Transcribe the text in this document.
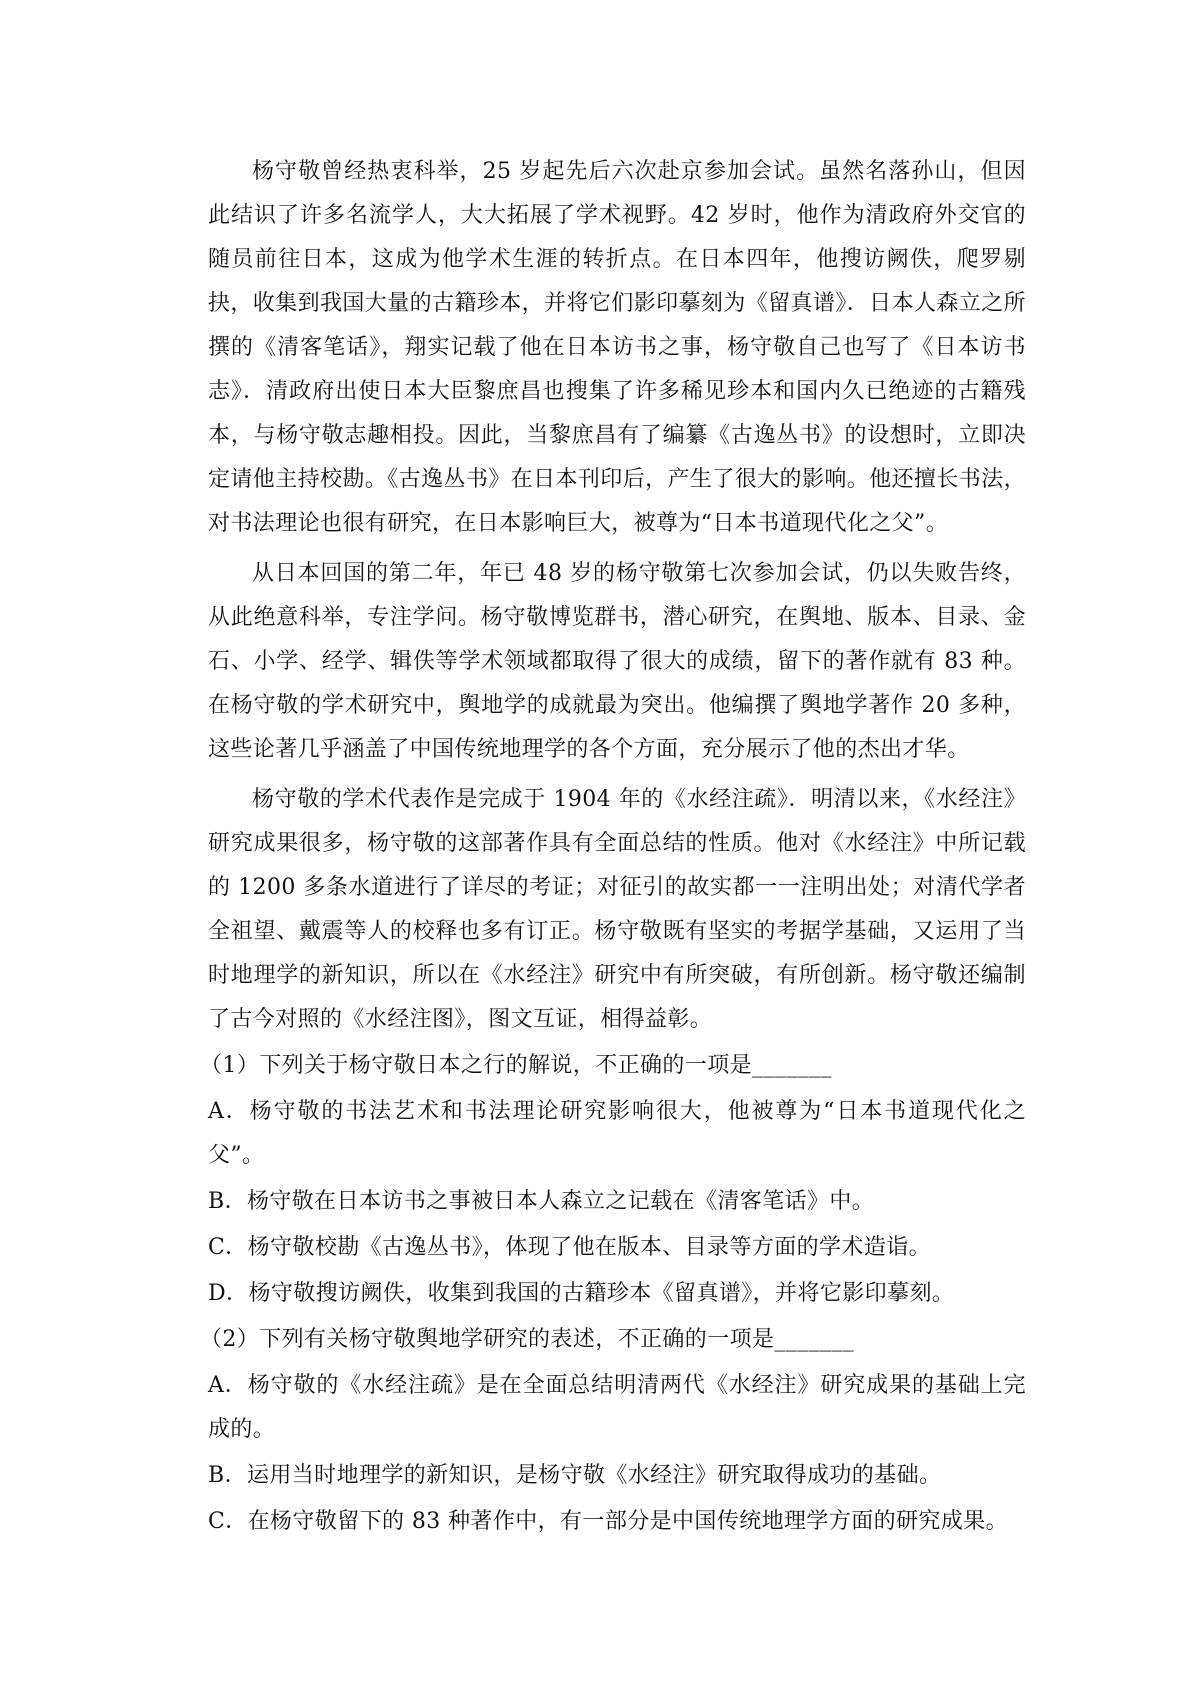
杨守敬曾经热衷科举，25 岁起先后六次赴京参加会试。虽然名落孙山，但因此结识了许多名流学人，大大拓展了学术视野。42 岁时，他作为清政府外交官的随员前往日本，这成为他学术生涯的转折点。在日本四年，他搜访阙佚，爬罗剔抉，收集到我国大量的古籍珍本，并将它们影印摹刻为《留真谱》．日本人森立之所撰的《清客笔话》，翔实记载了他在日本访书之事，杨守敬自己也写了《日本访书志》．清政府出使日本大臣黎庶昌也搜集了许多稀见珍本和国内久已绝迹的古籍残本，与杨守敬志趣相投。因此，当黎庶昌有了编纂《古逸丛书》的设想时，立即决定请他主持校勘。《古逸丛书》在日本刊印后，产生了很大的影响。他还擅长书法，对书法理论也很有研究，在日本影响巨大，被尊为“日本书道现代化之父”。

从日本回国的第二年，年已 48 岁的杨守敬第七次参加会试，仍以失败告终，从此绝意科举，专注学问。杨守敬博览群书，潜心研究，在舆地、版本、目录、金石、小学、经学、辑佚等学术领域都取得了很大的成绩，留下的著作就有 83 种。在杨守敬的学术研究中，舆地学的成就最为突出。他编撰了舆地学著作 20 多种，这些论著几乎涵盖了中国传统地理学的各个方面，充分展示了他的杰出才华。

杨守敬的学术代表作是完成于 1904 年的《水经注疏》．明清以来，《水经注》研究成果很多，杨守敬的这部著作具有全面总结的性质。他对《水经注》中所记载的 1200 多条水道进行了详尽的考证；对征引的故实都一一注明出处；对清代学者全祖望、戴震等人的校释也多有订正。杨守敬既有坚实的考据学基础，又运用了当时地理学的新知识，所以在《水经注》研究中有所突破，有所创新。杨守敬还编制了古今对照的《水经注图》，图文互证，相得益彰。

（1）下列关于杨守敬日本之行的解说，不正确的一项是_______

A．杨守敬的书法艺术和书法理论研究影响很大，他被尊为“日本书道现代化之父”。

B．杨守敬在日本访书之事被日本人森立之记载在《清客笔话》中。

C．杨守敬校勘《古逸丛书》，体现了他在版本、目录等方面的学术造诣。

D．杨守敬搜访阙佚，收集到我国的古籍珍本《留真谱》，并将它影印摹刻。

（2）下列有关杨守敬舆地学研究的表述，不正确的一项是_______

A．杨守敬的《水经注疏》是在全面总结明清两代《水经注》研究成果的基础上完成的。

B．运用当时地理学的新知识，是杨守敬《水经注》研究取得成功的基础。

C．在杨守敬留下的 83 种著作中，有一部分是中国传统地理学方面的研究成果。
